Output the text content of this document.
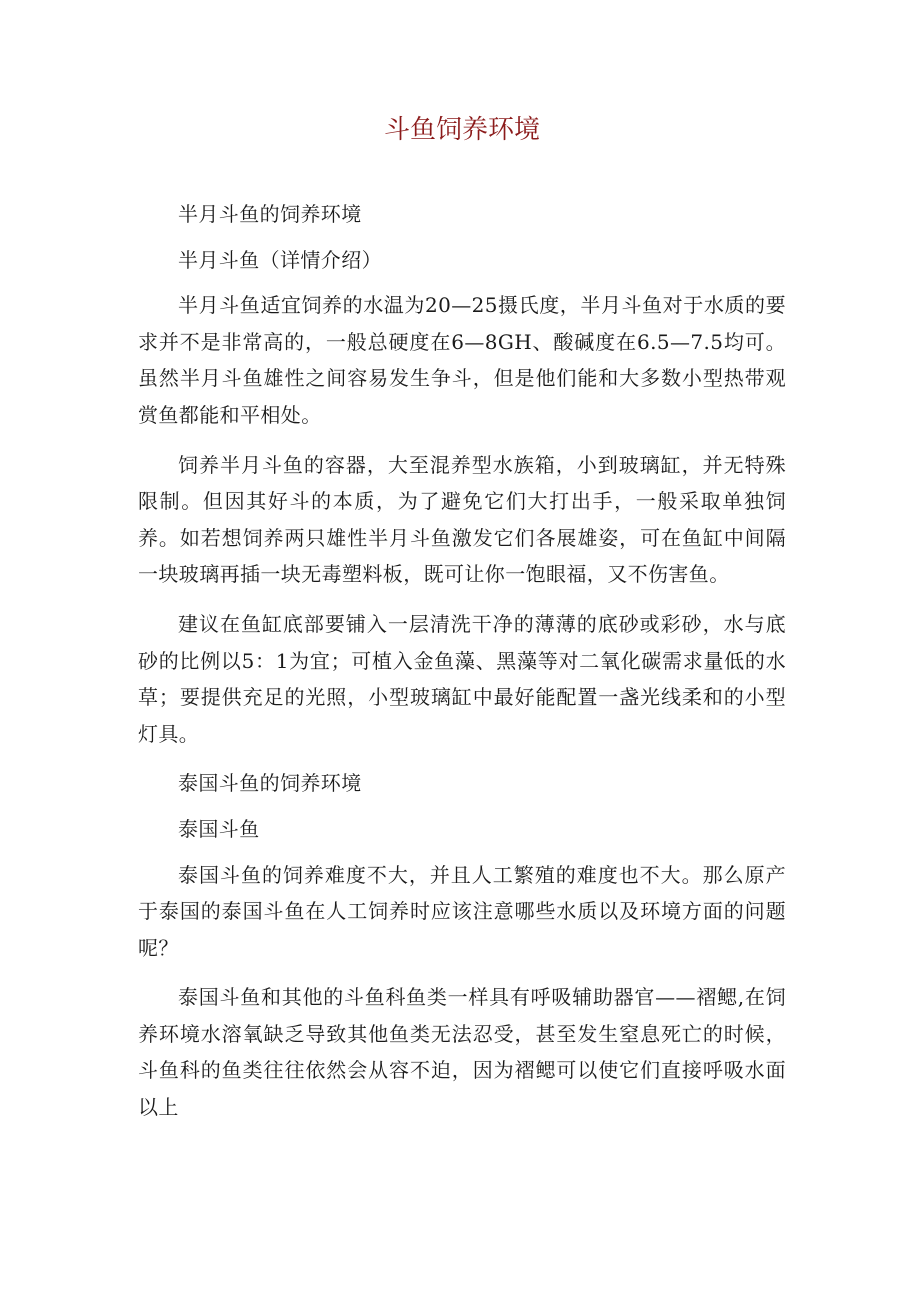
斗鱼饲养环境

半月斗鱼的饲养环境

半月斗鱼（详情介绍）

半月斗鱼适宜饲养的水温为20—25摄氏度，半月斗鱼对于水质的要求并不是非常高的，一般总硬度在6—8GH、酸碱度在6.5—7.5均可。虽然半月斗鱼雄性之间容易发生争斗，但是他们能和大多数小型热带观赏鱼都能和平相处。

饲养半月斗鱼的容器，大至混养型水族箱，小到玻璃缸，并无特殊限制。但因其好斗的本质，为了避免它们大打出手，一般采取单独饲养。如若想饲养两只雄性半月斗鱼激发它们各展雄姿，可在鱼缸中间隔一块玻璃再插一块无毒塑料板，既可让你一饱眼福，又不伤害鱼。

建议在鱼缸底部要铺入一层清洗干净的薄薄的底砂或彩砂，水与底砂的比例以5：1为宜；可植入金鱼藻、黑藻等对二氧化碳需求量低的水草；要提供充足的光照，小型玻璃缸中最好能配置一盏光线柔和的小型灯具。

泰国斗鱼的饲养环境

泰国斗鱼

泰国斗鱼的饲养难度不大，并且人工繁殖的难度也不大。那么原产于泰国的泰国斗鱼在人工饲养时应该注意哪些水质以及环境方面的问题呢？

泰国斗鱼和其他的斗鱼科鱼类一样具有呼吸辅助器官——褶鳃,在饲养环境水溶氧缺乏导致其他鱼类无法忍受，甚至发生窒息死亡的时候，斗鱼科的鱼类往往依然会从容不迫，因为褶鳃可以使它们直接呼吸水面以上
